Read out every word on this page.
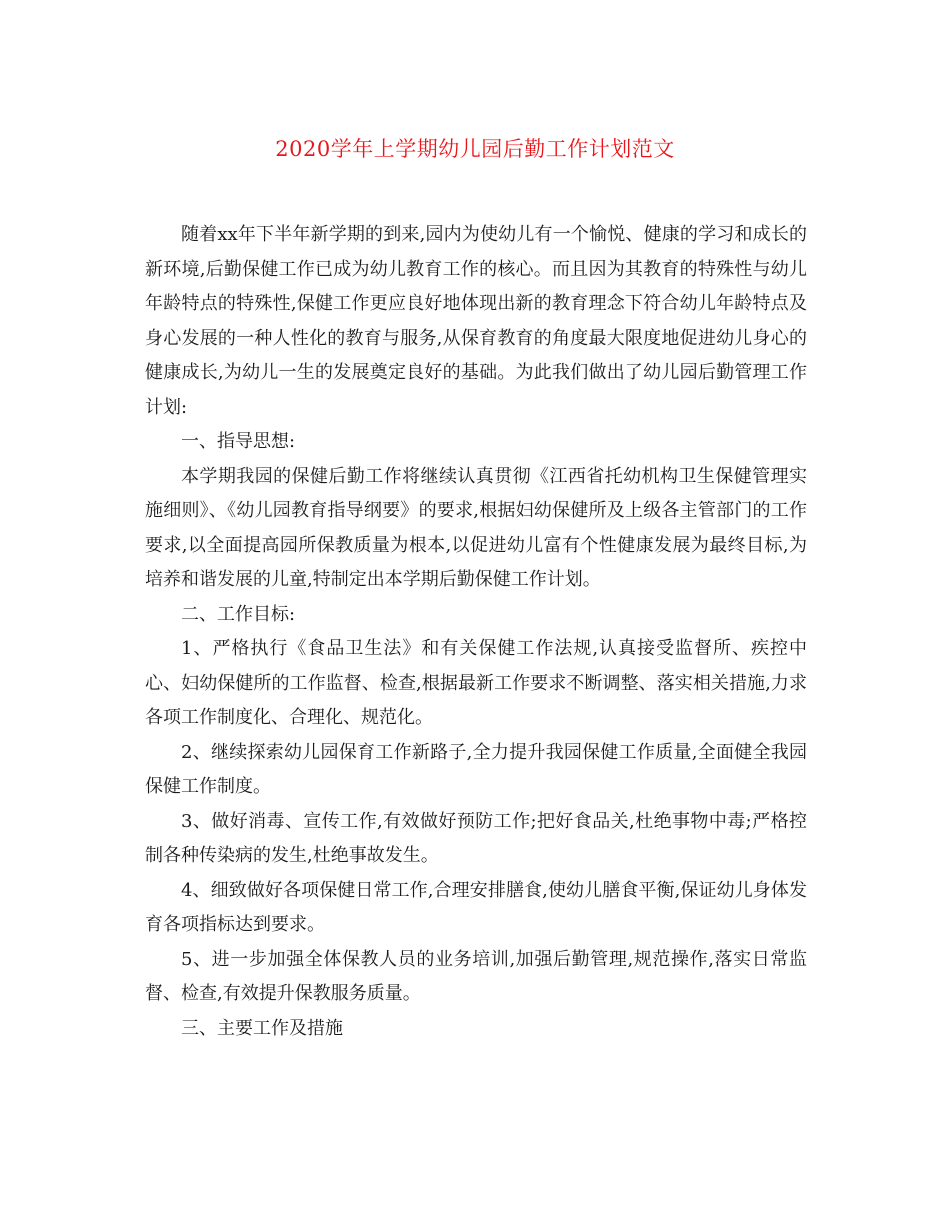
2020学年上学期幼儿园后勤工作计划范文

随着xx年下半年新学期的到来,园内为使幼儿有一个愉悦、健康的学习和成长的新环境,后勤保健工作已成为幼儿教育工作的核心。而且因为其教育的特殊性与幼儿年龄特点的特殊性,保健工作更应良好地体现出新的教育理念下符合幼儿年龄特点及身心发展的一种人性化的教育与服务,从保育教育的角度最大限度地促进幼儿身心的健康成长,为幼儿一生的发展奠定良好的基础。为此我们做出了幼儿园后勤管理工作计划:

一、指导思想:

本学期我园的保健后勤工作将继续认真贯彻《江西省托幼机构卫生保健管理实施细则》、《幼儿园教育指导纲要》的要求,根据妇幼保健所及上级各主管部门的工作要求,以全面提高园所保教质量为根本,以促进幼儿富有个性健康发展为最终目标,为培养和谐发展的儿童,特制定出本学期后勤保健工作计划。

二、工作目标:

1、严格执行《食品卫生法》和有关保健工作法规,认真接受监督所、疾控中心、妇幼保健所的工作监督、检查,根据最新工作要求不断调整、落实相关措施,力求各项工作制度化、合理化、规范化。

2、继续探索幼儿园保育工作新路子,全力提升我园保健工作质量,全面健全我园保健工作制度。

3、做好消毒、宣传工作,有效做好预防工作;把好食品关,杜绝事物中毒;严格控制各种传染病的发生,杜绝事故发生。

4、细致做好各项保健日常工作,合理安排膳食,使幼儿膳食平衡,保证幼儿身体发育各项指标达到要求。

5、进一步加强全体保教人员的业务培训,加强后勤管理,规范操作,落实日常监督、检查,有效提升保教服务质量。

三、主要工作及措施
